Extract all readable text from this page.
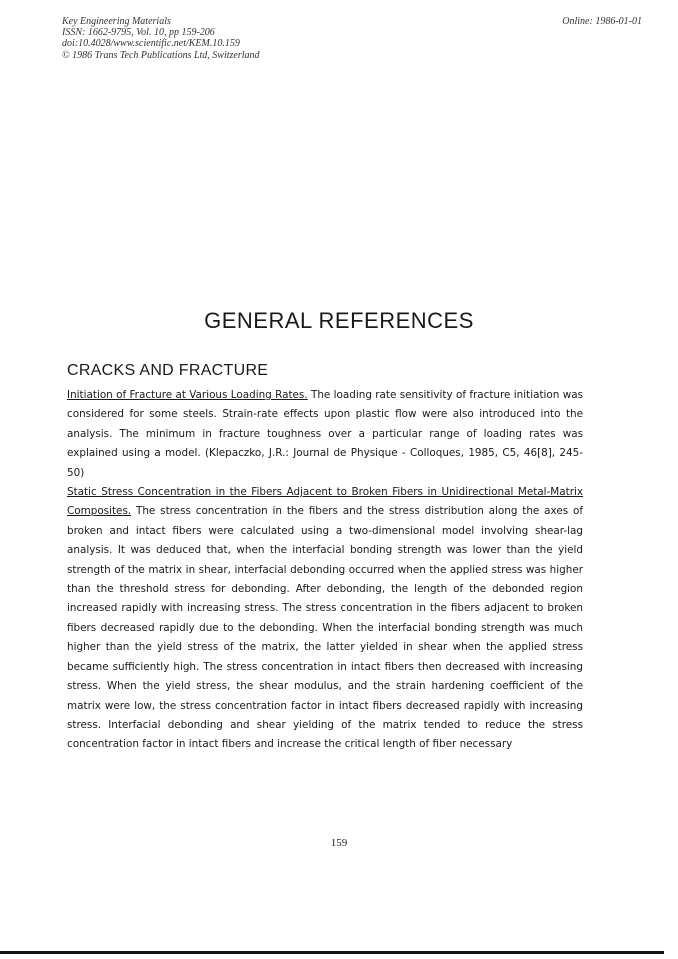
Key Engineering Materials
ISSN: 1662-9795, Vol. 10, pp 159-206
doi:10.4028/www.scientific.net/KEM.10.159
© 1986 Trans Tech Publications Ltd, Switzerland
Online: 1986-01-01
GENERAL REFERENCES
CRACKS AND FRACTURE

Initiation of Fracture at Various Loading Rates. The loading rate sensitivity of fracture initiation was considered for some steels. Strain-rate effects upon plastic flow were also introduced into the analysis. The minimum in fracture toughness over a particular range of loading rates was explained using a model. (Klepaczko, J.R.: Journal de Physique - Colloques, 1985, C5, 46[8], 245-50)

Static Stress Concentration in the Fibers Adjacent to Broken Fibers in Unidirectional Metal-Matrix Composites. The stress concentration in the fibers and the stress distribution along the axes of broken and intact fibers were calculated using a two-dimensional model involving shear-lag analysis. It was deduced that, when the interfacial bonding strength was lower than the yield strength of the matrix in shear, interfacial debonding occurred when the applied stress was higher than the threshold stress for debonding. After debonding, the length of the debonded region increased rapidly with increasing stress. The stress concentration in the fibers adjacent to broken fibers decreased rapidly due to the debonding. When the interfacial bonding strength was much higher than the yield stress of the matrix, the latter yielded in shear when the applied stress became sufficiently high. The stress concentration in intact fibers then decreased with increasing stress. When the yield stress, the shear modulus, and the strain hardening coefficient of the matrix were low, the stress concentration factor in intact fibers decreased rapidly with increasing stress. Interfacial debonding and shear yielding of the matrix tended to reduce the stress concentration factor in intact fibers and increase the critical length of fiber necessary

159
